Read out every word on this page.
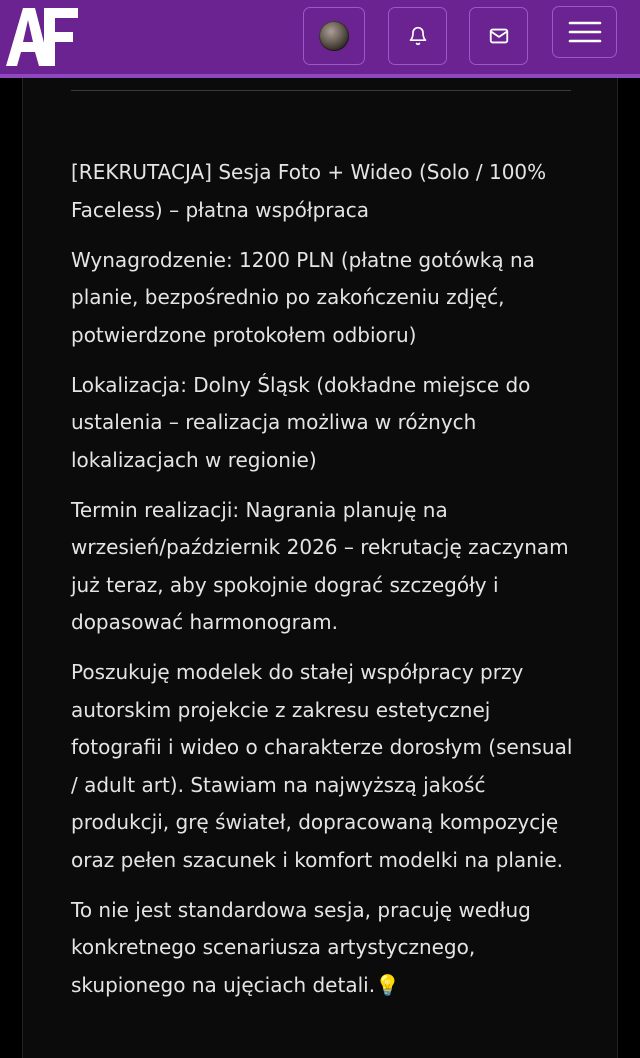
[REKRUTACJA] Sesja Foto + Wideo (Solo / 100% Faceless) – płatna współpraca

Wynagrodzenie: 1200 PLN (płatne gotówką na planie, bezpośrednio po zakończeniu zdjęć, potwierdzone protokołem odbioru)

Lokalizacja: Dolny Śląsk (dokładne miejsce do ustalenia – realizacja możliwa w różnych lokalizacjach w regionie)

Termin realizacji: Nagrania planuję na wrzesień/październik 2026 – rekrutację zaczynam już teraz, aby spokojnie dograć szczegóły i dopasować harmonogram.

Poszukuję modelek do stałej współpracy przy autorskim projekcie z zakresu estetycznej fotografii i wideo o charakterze dorosłym (sensual / adult art). Stawiam na najwyższą jakość produkcji, grę świateł, dopracowaną kompozycję oraz pełen szacunek i komfort modelki na planie.

To nie jest standardowa sesja, pracuję według konkretnego scenariusza artystycznego, skupionego na ujęciach detali.💡
